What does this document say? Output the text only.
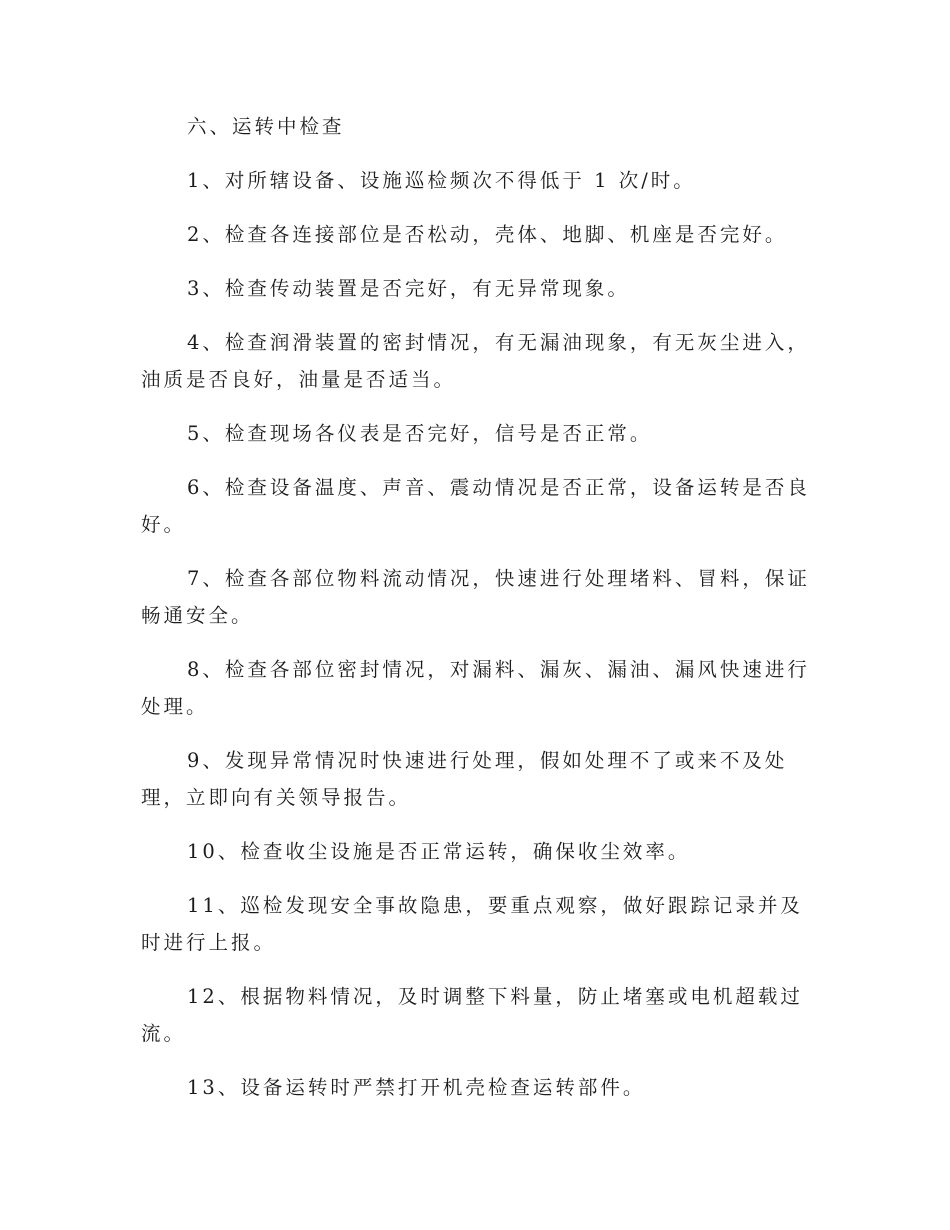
六、运转中检查

1、对所辖设备、设施巡检频次不得低于 1 次/时。

2、检查各连接部位是否松动，壳体、地脚、机座是否完好。

3、检查传动装置是否完好，有无异常现象。

4、检查润滑装置的密封情况，有无漏油现象，有无灰尘进入，油质是否良好，油量是否适当。

5、检查现场各仪表是否完好，信号是否正常。

6、检查设备温度、声音、震动情况是否正常，设备运转是否良好。

7、检查各部位物料流动情况，快速进行处理堵料、冒料，保证畅通安全。

8、检查各部位密封情况，对漏料、漏灰、漏油、漏风快速进行处理。

9、发现异常情况时快速进行处理，假如处理不了或来不及处理，立即向有关领导报告。

10、检查收尘设施是否正常运转，确保收尘效率。

11、巡检发现安全事故隐患，要重点观察，做好跟踪记录并及时进行上报。

12、根据物料情况，及时调整下料量，防止堵塞或电机超载过流。

13、设备运转时严禁打开机壳检查运转部件。
